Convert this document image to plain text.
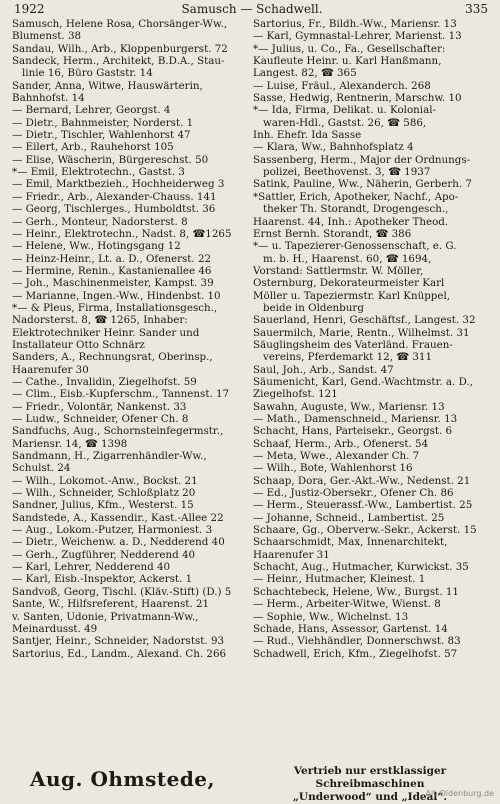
1922	Samusch — Schadwell.	335
Samusch, Helene Rosa, Chorsänger-Ww.,
Blumenst. 38
Sandau, Wilh., Arb., Kloppenburgerst. 72
Sandeck, Herm., Architekt, B.D.A., Stau-
linie 16, Büro Gaststr. 14
Sander, Anna, Witwe, Hauswärterin,
Bahnhofst. 14
— Bernard, Lehrer, Georgst. 4
— Dietr., Bahnmeister, Norderst. 1
— Dietr., Tischler, Wahlenhorst 47
— Eilert, Arb., Rauhehorst 105
— Elise, Wäscherin, Bürgereschst. 50
*— Emil, Elektrotechn., Gastst. 3
— Emil, Marktbezieh., Hochheiderweg 3
— Friedr., Arb., Alexander-Chauss. 141
— Georg, Tischlerges., Humboldtst. 36
— Gerh., Monteur, Nadorsterst. 8
— Heinr., Elektrotechn., Nadst. 8, ☎1265
— Helene, Ww., Hotingsgang 12
— Heinz-Heinr., Lt. a. D., Ofenerst. 22
— Hermine, Renin., Kastanienallee 46
— Joh., Maschinenmeister, Kampst. 39
— Marianne, Ingen.-Ww., Hindenbst. 10
*— & Pleus, Firma, Installationsgesch.,
Nadorsterst. 8, ☎ 1265, Inhaber:
Elektrotechniker Heinr. Sander und
Installateur Otto Schnärz
Sanders, A., Rechnungsrat, Oberinsp.,
Haarenufer 30
— Cathe., Invalidin, Ziegelhofst. 59
— Clim., Eisb.-Kupferschm., Tannenst. 17
— Friedr., Volontär, Nankenst. 33
— Ludw., Schneider, Ofener Ch. 8
Sandfuchs, Aug., Schornsteinfegermstr.,
Mariensr. 14, ☎ 1398
Sandmann, H., Zigarrenhändler-Ww.,
Schulst. 24
— Wilh., Lokomot.-Anw., Bockst. 21
— Wilh., Schneider, Schloßplatz 20
Sandner, Julius, Kfm., Westerst. 15
Sandstede, A., Kassendir., Kast.-Allee 22
— Aug., Lokom.-Putzer, Harmoniest. 3
— Dietr., Weichenw. a. D., Nedderend 40
— Gerh., Zugführer, Nedderend 40
— Karl, Lehrer, Nedderend 40
— Karl, Eisb.-Inspektor, Ackerst. 1
Sandvoß, Georg, Tischl. (Kläv.-Stift) (D.) 5
Sante, W., Hilfsreferent, Haarenst. 21
v. Santen, Udonie, Privatmann-Ww.,
Meinardusst. 49
Santjer, Heinr., Schneider, Nadorstst. 93
Sartorius, Ed., Landm., Alexand. Ch. 266
Sartorius, Fr., Bildh.-Ww., Mariensr. 13
— Karl, Gymnastal-Lehrer, Marienst. 13
*— Julius, u. Co., Fa., Gesellschafter:
Kaufleute Heinr. u. Karl Hanßmann,
Langest. 82, ☎ 365
— Luise, Fräul., Alexanderch. 268
Sasse, Hedwig, Rentnerin, Marschw. 10
*— Ida, Firma, Delikat. u. Kolonial-
waren-Hdl., Gastst. 26, ☎ 586,
Inh. Ehefr. Ida Sasse
— Klara, Ww., Bahnhofsplatz 4
Sassenberg, Herm., Major der Ordnungs-
polizei, Beethovenst. 3, ☎ 1937
Satink, Pauline, Ww., Näherin, Gerberh. 7
*Sattler, Erich, Apotheker, Nachf., Apo-
theker Th. Storandt, Drogengesch.,
Haarenst. 44, Inh.: Apotheker Theod.
Ernst Bernh. Storandt, ☎ 386
*— u. Tapezierer-Genossenschaft, e. G.
m. b. H., Haarenst. 60, ☎ 1694,
Vorstand: Sattlermstr. W. Möller,
Osternburg, Dekorateurmeister Karl
Möller u. Tapeziermstr. Karl Knüppel,
beide in Oldenburg
Sauerland, Henri, Geschäftsf., Langest. 32
Sauermilch, Marie, Rentn., Wilhelmst. 31
Säuglingsheim des Vaterländ. Frauen-
vereins, Pferdemarkt 12, ☎ 311
Saul, Joh., Arb., Sandst. 47
Säumenicht, Karl, Gend.-Wachtmstr. a. D.,
Ziegelhofst. 121
Sawahn, Auguste, Ww., Mariensr. 13
— Math., Damenschneid., Mariensr. 13
Schacht, Hans, Parteisekr., Georgst. 6
Schaaf, Herm., Arb., Ofenerst. 54
— Meta, Wwe., Alexander Ch. 7
— Wilh., Bote, Wahlenhorst 16
Schaap, Dora, Ger.-Akt.-Ww., Nedenst. 21
— Ed., Justiz-Obersekr., Ofener Ch. 86
— Herm., Steuerassf.-Ww., Lambertist. 25
— Johanne, Schneid., Lambertist. 25
Schaare, Gg., Oberverw.-Sekr., Ackerst. 15
Schaarschmidt, Max, Innenarchitekt,
Haarenufer 31
Schacht, Aug., Hutmacher, Kurwickst. 35
— Heinr., Hutmacher, Kleinest. 1
Schachtebeck, Helene, Ww., Burgst. 11
— Herm., Arbeiter-Witwe, Wienst. 8
— Sophie, Ww., Wichelnst. 13
Schade, Hans, Assessor, Gartenst. 14
— Rud., Viehhändler, Donnerschwst. 83
Schadwell, Erich, Kfm., Ziegelhofst. 57
Aug. Ohmstede,	Vertrieb nur erstklassiger Schreibmaschinen
„Underwood“ und „Ideal“.
Alt-Oldenburg.de
